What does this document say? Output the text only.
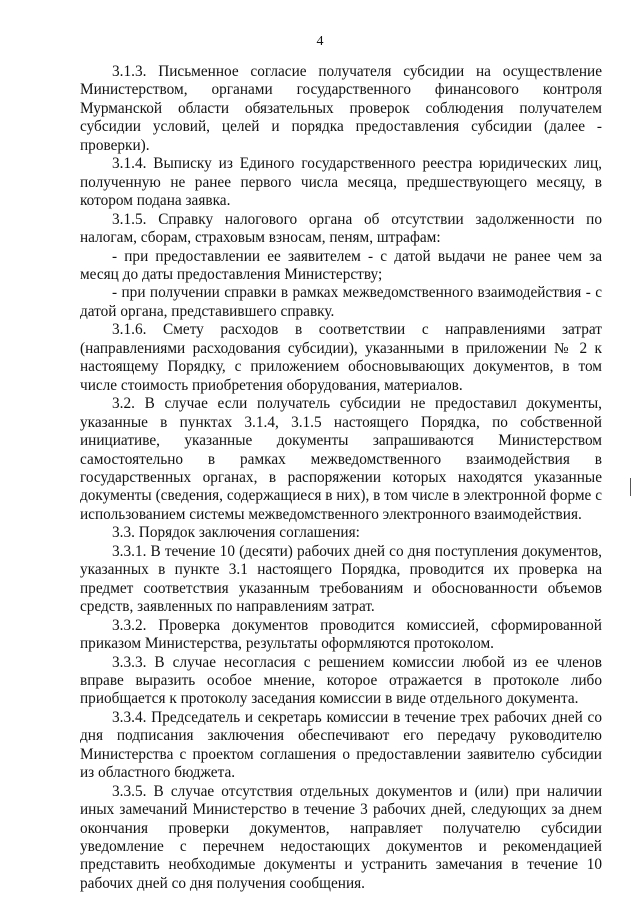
4

3.1.3. Письменное согласие получателя субсидии на осуществление Министерством, органами государственного финансового контроля Мурманской области обязательных проверок соблюдения получателем субсидии условий, целей и порядка предоставления субсидии (далее - проверки).

3.1.4. Выписку из Единого государственного реестра юридических лиц, полученную не ранее первого числа месяца, предшествующего месяцу, в котором подана заявка.

3.1.5. Справку налогового органа об отсутствии задолженности по налогам, сборам, страховым взносам, пеням, штрафам:

- при предоставлении ее заявителем - с датой выдачи не ранее чем за месяц до даты предоставления Министерству;

- при получении справки в рамках межведомственного взаимодействия - с датой органа, представившего справку.

3.1.6. Смету расходов в соответствии с направлениями затрат (направлениями расходования субсидии), указанными в приложении № 2 к настоящему Порядку, с приложением обосновывающих документов, в том числе стоимость приобретения оборудования, материалов.

3.2. В случае если получатель субсидии не предоставил документы, указанные в пунктах 3.1.4, 3.1.5 настоящего Порядка, по собственной инициативе, указанные документы запрашиваются Министерством самостоятельно в рамках межведомственного взаимодействия в государственных органах, в распоряжении которых находятся указанные документы (сведения, содержащиеся в них), в том числе в электронной форме с использованием системы межведомственного электронного взаимодействия.

3.3. Порядок заключения соглашения:

3.3.1. В течение 10 (десяти) рабочих дней со дня поступления документов, указанных в пункте 3.1 настоящего Порядка, проводится их проверка на предмет соответствия указанным требованиям и обоснованности объемов средств, заявленных по направлениям затрат.

3.3.2. Проверка документов проводится комиссией, сформированной приказом Министерства, результаты оформляются протоколом.

3.3.3. В случае несогласия с решением комиссии любой из ее членов вправе выразить особое мнение, которое отражается в протоколе либо приобщается к протоколу заседания комиссии в виде отдельного документа.

3.3.4. Председатель и секретарь комиссии в течение трех рабочих дней со дня подписания заключения обеспечивают его передачу руководителю Министерства с проектом соглашения о предоставлении заявителю субсидии из областного бюджета.

3.3.5. В случае отсутствия отдельных документов и (или) при наличии иных замечаний Министерство в течение 3 рабочих дней, следующих за днем окончания проверки документов, направляет получателю субсидии уведомление с перечнем недостающих документов и рекомендацией представить необходимые документы и устранить замечания в течение 10 рабочих дней со дня получения сообщения.
